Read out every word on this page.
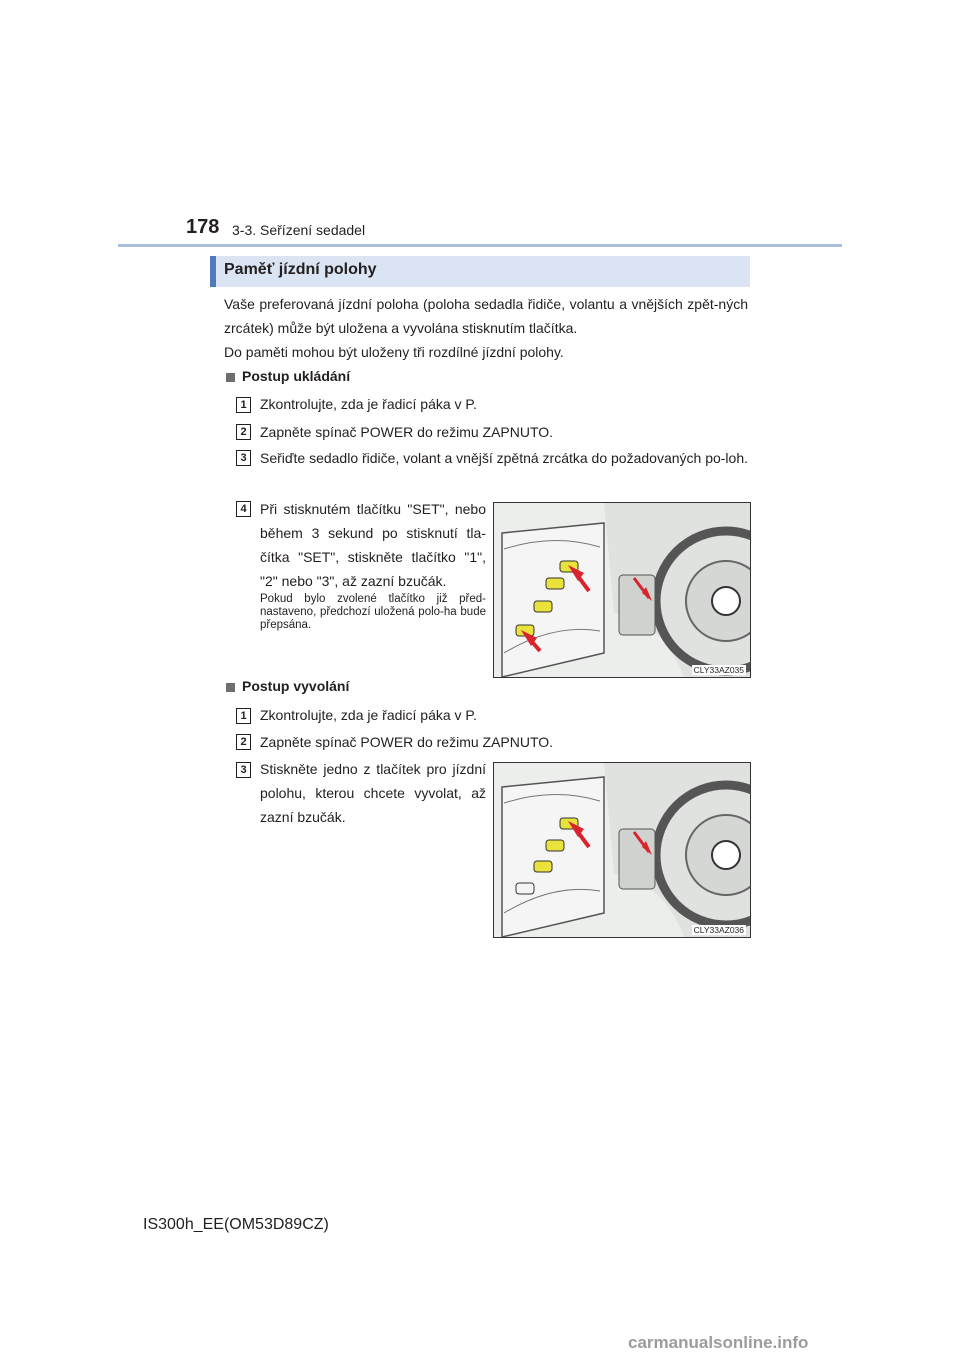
178 3-3. Seřízení sedadel
Paměť jízdní polohy
Vaše preferovaná jízdní poloha (poloha sedadla řidiče, volantu a vnějších zpět-ných zrcátek) může být uložena a vyvolána stisknutím tlačítka.
Do paměti mohou být uloženy tři rozdílné jízdní polohy.
Postup ukládání
1 Zkontrolujte, zda je řadicí páka v P.
2 Zapněte spínač POWER do režimu ZAPNUTO.
3 Seřiďte sedadlo řidiče, volant a vnější zpětná zrcátka do požadovaných po-loh.
4 Při stisknutém tlačítku "SET", nebo během 3 sekund po stisknutí tla-čítka "SET", stiskněte tlačítko "1", "2" nebo "3", až zazní bzučák.
Pokud bylo zvolené tlačítko již před-nastaveno, předchozí uložená polo-ha bude přepsána.
CLY33AZ035
Postup vyvolání
1 Zkontrolujte, zda je řadicí páka v P.
2 Zapněte spínač POWER do režimu ZAPNUTO.
3 Stiskněte jedno z tlačítek pro jízdní polohu, kterou chcete vyvolat, až zazní bzučák.
CLY33AZ036
IS300h_EE(OM53D89CZ)
carmanualsonline.info
